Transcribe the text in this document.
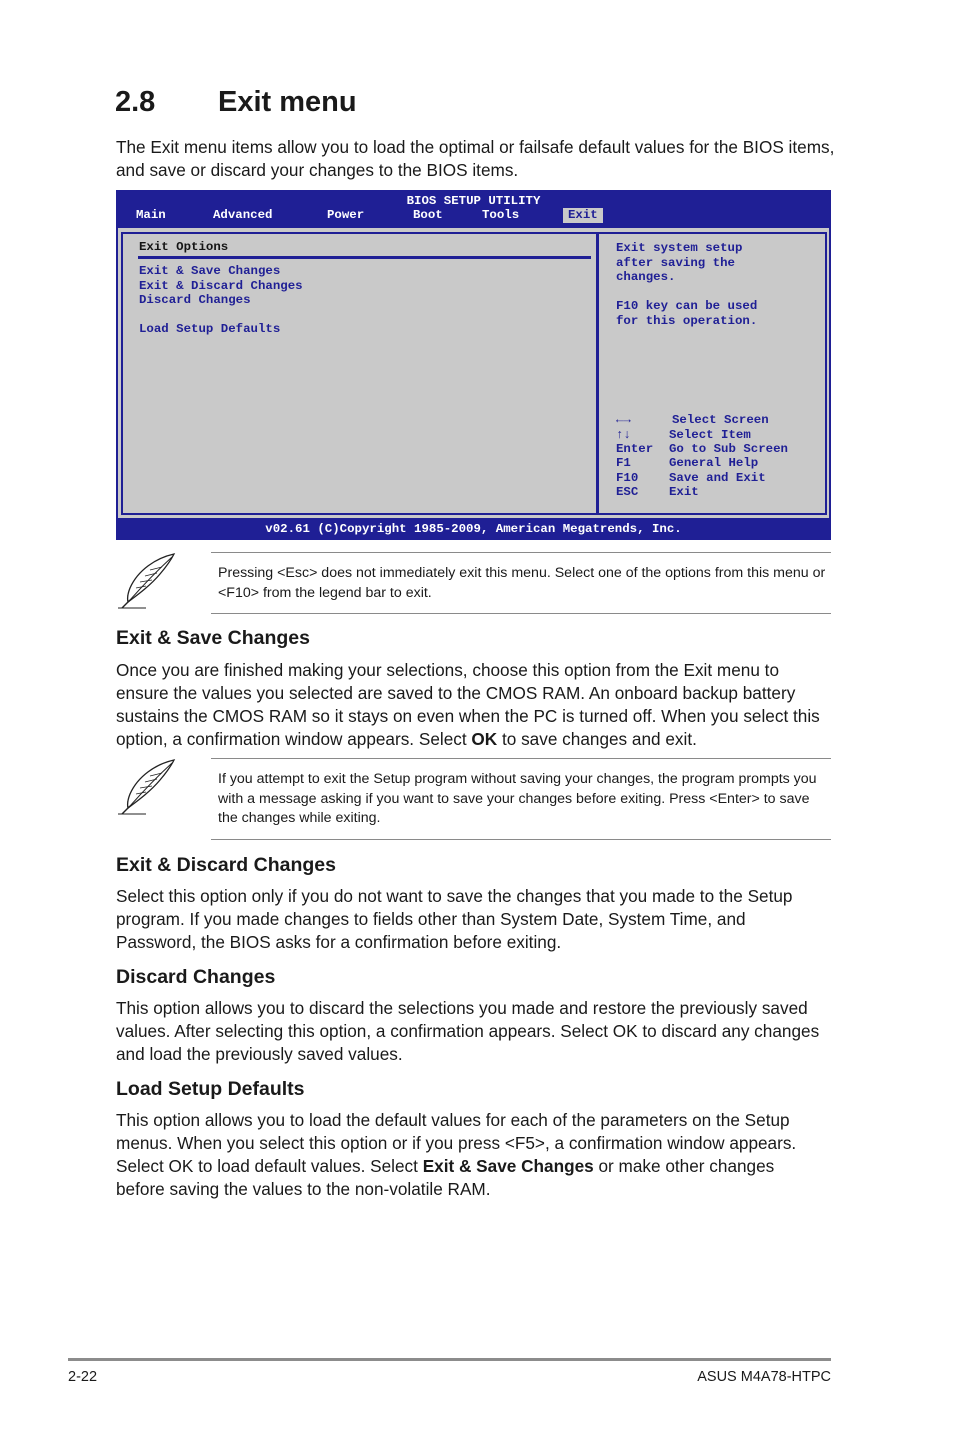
2.8 Exit menu

The Exit menu items allow you to load the optimal or failsafe default values for the BIOS items, and save or discard your changes to the BIOS items.

BIOS SETUP UTILITY
Main	Advanced	Power	Boot	Tools	Exit
Exit Options
Exit & Save Changes
Exit & Discard Changes
Discard Changes
Load Setup Defaults
Exit system setup
after saving the
changes.
F10 key can be used
for this operation.
←→	Select Screen
↑↓	Select Item
Enter Go to Sub Screen
F1	General Help
F10 Save and Exit
ESC Exit
v02.61 (C)Copyright 1985-2009, American Megatrends, Inc.

Pressing <Esc> does not immediately exit this menu. Select one of the options from this menu or <F10> from the legend bar to exit.

Exit & Save Changes

Once you are finished making your selections, choose this option from the Exit menu to ensure the values you selected are saved to the CMOS RAM. An onboard backup battery sustains the CMOS RAM so it stays on even when the PC is turned off. When you select this option, a confirmation window appears. Select OK to save changes and exit.

If you attempt to exit the Setup program without saving your changes, the program prompts you with a message asking if you want to save your changes before exiting. Press <Enter> to save the changes while exiting.

Exit & Discard Changes

Select this option only if you do not want to save the changes that you made to the Setup program. If you made changes to fields other than System Date, System Time, and Password, the BIOS asks for a confirmation before exiting.

Discard Changes

This option allows you to discard the selections you made and restore the previously saved values. After selecting this option, a confirmation appears. Select OK to discard any changes and load the previously saved values.

Load Setup Defaults

This option allows you to load the default values for each of the parameters on the Setup menus. When you select this option or if you press <F5>, a confirmation window appears. Select OK to load default values. Select Exit & Save Changes or make other changes before saving the values to the non-volatile RAM.

2-22	ASUS M4A78-HTPC
